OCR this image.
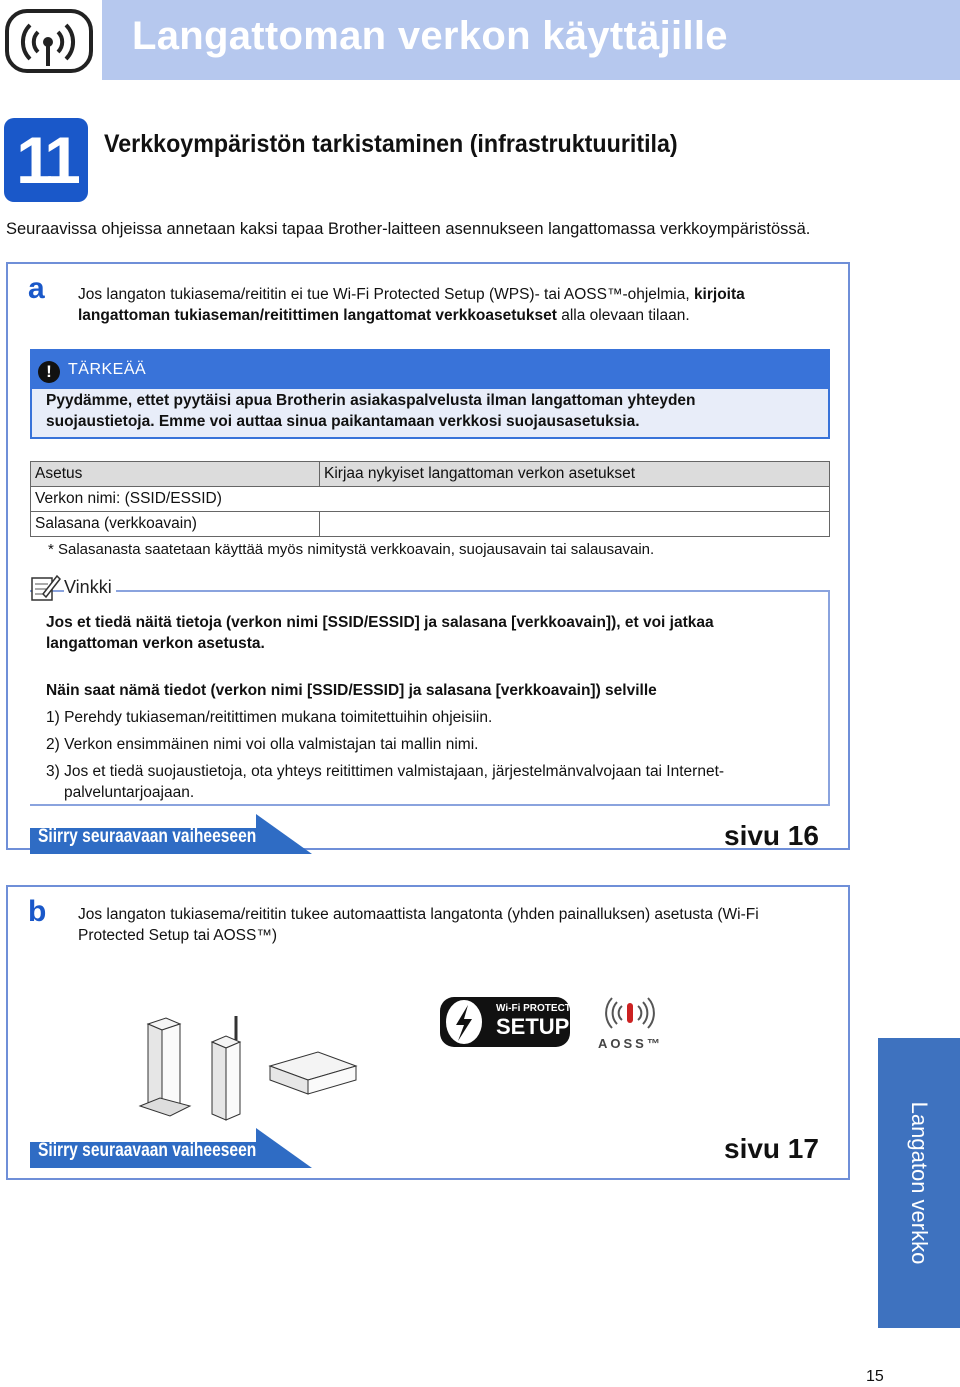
Langattoman verkon käyttäjille
11	Verkkoympäristön tarkistaminen (infrastruktuuritila)
Seuraavissa ohjeissa annetaan kaksi tapaa Brother-laitteen asennukseen langattomassa verkkoympäristössä.
a Jos langaton tukiasema/reititin ei tue Wi-Fi Protected Setup (WPS)- tai AOSS™-ohjelmia, kirjoita
langattoman tukiaseman/reitittimen langattomat verkkoasetukset alla olevaan tilaan.
!	TÄRKEÄÄ
Pyydämme, ettet pyytäisi apua Brotherin asiakaspalvelusta ilman langattoman yhteyden
suojaustietoja. Emme voi auttaa sinua paikantamaan verkkosi suojausasetuksia.
Asetus	Kirjaa nykyiset langattoman verkon asetukset
Verkon nimi: (SSID/ESSID)	
Salasana (verkkoavain)	
* Salasanasta saatetaan käyttää myös nimitystä verkkoavain, suojausavain tai salausavain.
Vinkki
Jos et tiedä näitä tietoja (verkon nimi [SSID/ESSID] ja salasana [verkkoavain]), et voi jatkaa
langattoman verkon asetusta.
Näin saat nämä tiedot (verkon nimi [SSID/ESSID] ja salasana [verkkoavain]) selville
1) Perehdy tukiaseman/reitittimen mukana toimitettuihin ohjeisiin.
2) Verkon ensimmäinen nimi voi olla valmistajan tai mallin nimi.
3) Jos et tiedä suojaustietoja, ota yhteys reitittimen valmistajaan, järjestelmänvalvojaan tai Internet-
palveluntarjoajaan.
Siirry seuraavaan vaiheeseen	sivu 16
b Jos langaton tukiasema/reititin tukee automaattista langatonta (yhden painalluksen) asetusta (Wi-Fi
Protected Setup tai AOSS™)
Wi-Fi PROTECTED
SETUP
AOSS™
Siirry seuraavaan vaiheeseen	sivu 17	Langaton verkko
15
